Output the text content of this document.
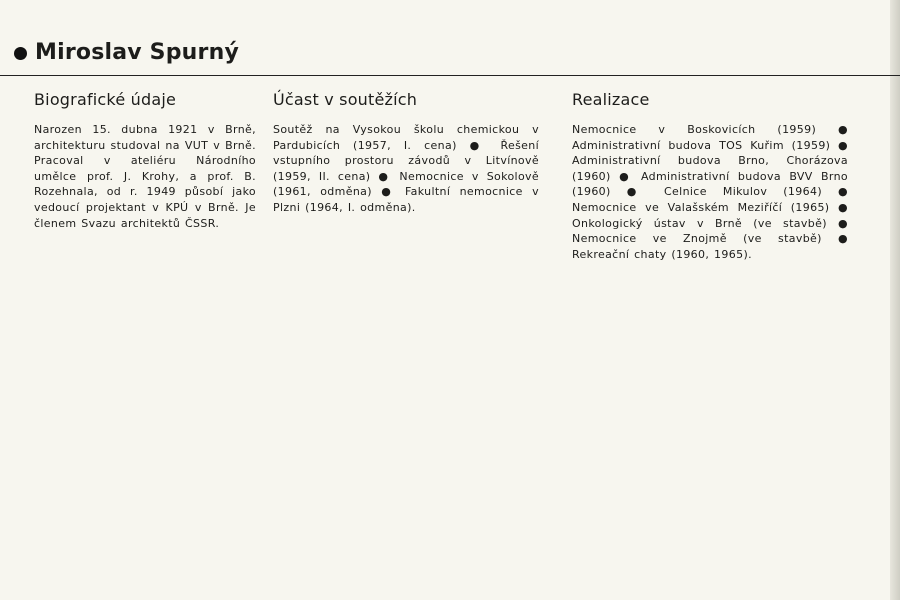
Miroslav Spurný
Biografické údaje

Narozen 15. dubna 1921 v Brně, architekturu studoval na VUT v Brně. Pracoval v ateliéru Národního umělce prof. J. Krohy, a prof. B. Rozehnala, od r. 1949 působí jako vedoucí projektant v KPÚ v Brně. Je členem Svazu architektů ČSSR.

Účast v soutěžích

Soutěž na Vysokou školu chemickou v Pardubicích (1957, I. cena) ● Řešení vstupního prostoru závodů v Litvínově (1959, II. cena) ● Nemocnice v Sokolově (1961, odměna) ● Fakultní nemocnice v Plzni (1964, I. odměna).

Realizace

Nemocnice v Boskovicích (1959) ● Administrativní budova TOS Kuřim (1959) ● Administrativní budova Brno, Chorázova (1960) ● Administrativní budova BVV Brno (1960) ● Celnice Mikulov (1964) ● Nemocnice ve Valašském Meziříčí (1965) ● Onkologický ústav v Brně (ve stavbě) ● Nemocnice ve Znojmě (ve stavbě) ● Rekreační chaty (1960, 1965).
